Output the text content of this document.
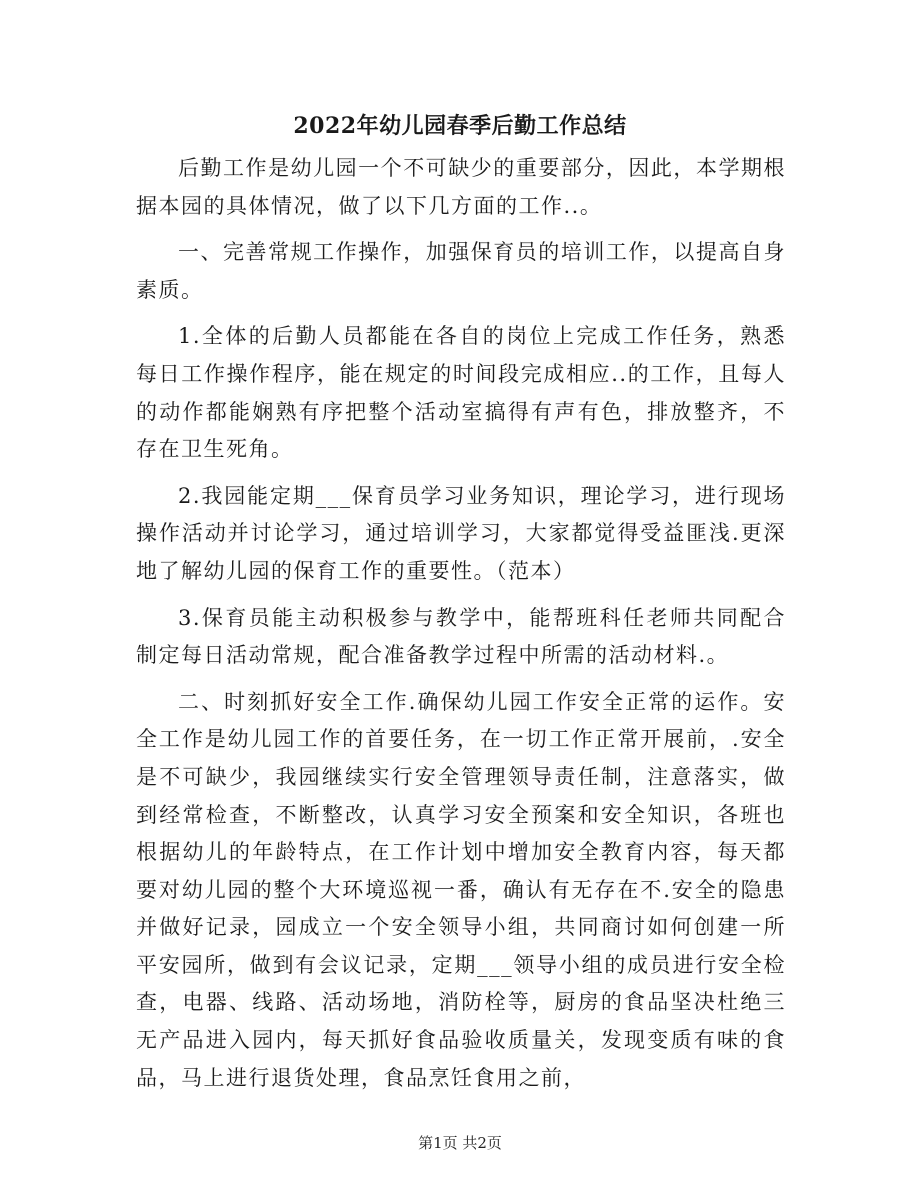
2022年幼儿园春季后勤工作总结

后勤工作是幼儿园一个不可缺少的重要部分，因此，本学期根据本园的具体情况，做了以下几方面的工作..。

一、完善常规工作操作，加强保育员的培训工作，以提高自身素质。

1.全体的后勤人员都能在各自的岗位上完成工作任务，熟悉每日工作操作程序，能在规定的时间段完成相应..的工作，且每人的动作都能娴熟有序把整个活动室搞得有声有色，排放整齐，不存在卫生死角。

2.我园能定期___保育员学习业务知识，理论学习，进行现场操作活动并讨论学习，通过培训学习，大家都觉得受益匪浅.更深地了解幼儿园的保育工作的重要性。（范本）

3.保育员能主动积极参与教学中，能帮班科任老师共同配合制定每日活动常规，配合准备教学过程中所需的活动材料.。

二、时刻抓好安全工作.确保幼儿园工作安全正常的运作。安全工作是幼儿园工作的首要任务，在一切工作正常开展前，.安全是不可缺少，我园继续实行安全管理领导责任制，注意落实，做到经常检查，不断整改，认真学习安全预案和安全知识，各班也根据幼儿的年龄特点，在工作计划中增加安全教育内容，每天都要对幼儿园的整个大环境巡视一番，确认有无存在不.安全的隐患并做好记录，园成立一个安全领导小组，共同商讨如何创建一所平安园所，做到有会议记录，定期___领导小组的成员进行安全检查，电器、线路、活动场地，消防栓等，厨房的食品坚决杜绝三无产品进入园内，每天抓好食品验收质量关，发现变质有味的食品，马上进行退货处理，食品烹饪食用之前，

第1页 共2页
